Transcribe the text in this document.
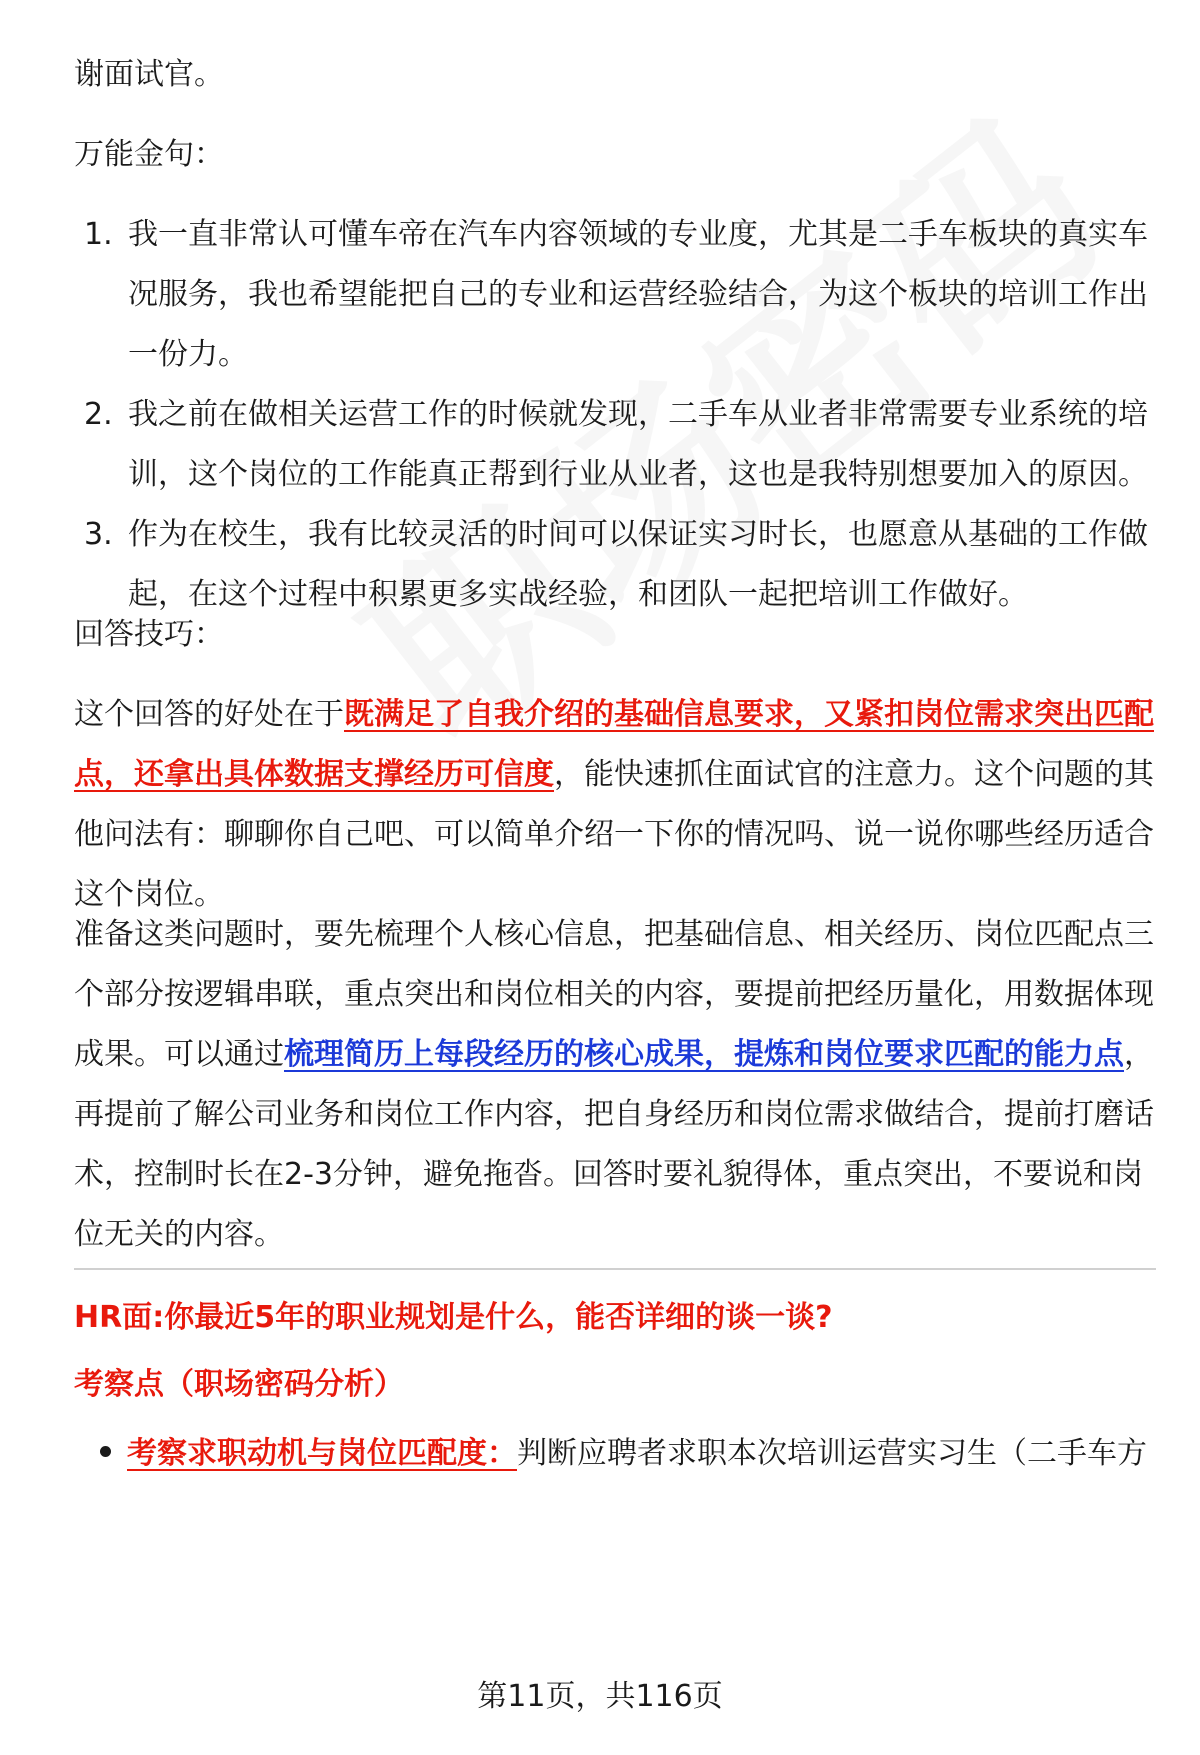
谢面试官。
万能金句：
1. 我一直非常认可懂车帝在汽车内容领域的专业度，尤其是二手车板块的真实车
况服务，我也希望能把自己的专业和运营经验结合，为这个板块的培训工作出
一份力。
2. 我之前在做相关运营工作的时候就发现，二手车从业者非常需要专业系统的培
训，这个岗位的工作能真正帮到行业从业者，这也是我特别想要加入的原因。
3. 作为在校生，我有比较灵活的时间可以保证实习时长，也愿意从基础的工作做
起，在这个过程中积累更多实战经验，和团队一起把培训工作做好。
回答技巧：
这个回答的好处在于既满足了自我介绍的基础信息要求，又紧扣岗位需求突出匹配
点，还拿出具体数据支撑经历可信度，能快速抓住面试官的注意力。这个问题的其
他问法有：聊聊你自己吧、可以简单介绍一下你的情况吗、说一说你哪些经历适合
这个岗位。
准备这类问题时，要先梳理个人核心信息，把基础信息、相关经历、岗位匹配点三
个部分按逻辑串联，重点突出和岗位相关的内容，要提前把经历量化，用数据体现
成果。可以通过梳理简历上每段经历的核心成果，提炼和岗位要求匹配的能力点，
再提前了解公司业务和岗位工作内容，把自身经历和岗位需求做结合，提前打磨话
术，控制时长在2-3分钟，避免拖沓。回答时要礼貌得体，重点突出，不要说和岗
位无关的内容。
HR面:你最近5年的职业规划是什么，能否详细的谈一谈?
考察点（职场密码分析）
考察求职动机与岗位匹配度：判断应聘者求职本次培训运营实习生（二手车方
第11页，共116页
